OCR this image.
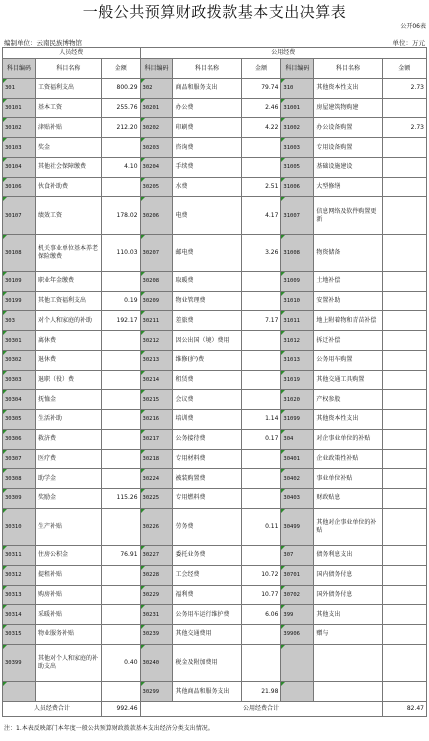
一般公共预算财政拨款基本支出决算表
公开06表
编制单位：云南民族博物馆	单位：万元
人员经费			公用经费					
科目编码	科目名称	金额	科目编码	科目名称	金额	科目编码	科目名称	金额
301	工资福利支出	800.29	302	商品和服务支出	79.74	310	其他资本性支出	2.73
30101	基本工资	255.76	30201	办公费	2.46	31001	房屋建筑物购建	
30102	津贴补贴	212.20	30202	印刷费	4.22	31002	办公设备购置	2.73
30103	奖金		30203	咨询费		31003	专用设备购置	
30104	其他社会保障缴费	4.10	30204	手续费		31005	基础设施建设	
30106	伙食补助费		30205	水费	2.51	31006	大型修缮	
30107	绩效工资	178.02	30206	电费	4.17	31007	信息网络及软件购置更新	
30108	机关事业单位基本养老保险缴费	110.03	30207	邮电费	3.26	31008	物资储备	
30109	职业年金缴费		30208	取暖费		31009	土地补偿	
30199	其他工资福利支出	0.19	30209	物业管理费		31010	安置补助	
303	对个人和家庭的补助	192.17	30211	差旅费	7.17	31011	地上附着物和青苗补偿	
30301	离休费		30212	因公出国（境）费用		31012	拆迁补偿	
30302	退休费		30213	维修(护)费		31013	公务用车购置	
30303	退职（役）费		30214	租赁费		31019	其他交通工具购置	
30304	抚恤金		30215	会议费		31020	产权参股	
30305	生活补助		30216	培训费	1.14	31099	其他资本性支出	
30306	救济费		30217	公务接待费	0.17	304	对企事业单位的补贴	
30307	医疗费		30218	专用材料费		30401	企业政策性补贴	
30308	助学金		30224	被装购置费		30402	事业单位补贴	
30309	奖励金	115.26	30225	专用燃料费		30403	财政贴息	
30310	生产补贴		30226	劳务费	0.11	30499	其他对企事业单位的补贴	
30311	住房公积金	76.91	30227	委托业务费		307	债务利息支出	
30312	提租补贴		30228	工会经费	10.72	30701	国内债务付息	
30313	购房补贴		30229	福利费	10.77	30702	国外债务付息	
30314	采暖补贴		30231	公务用车运行维护费	6.06	399	其他支出	
30315	物业服务补贴		30239	其他交通费用		39906	赠与	
30399	其他对个人和家庭的补助支出	0.40	30240	税金及附加费用				
			30299	其他商品和服务支出	21.98			
人员经费合计		992.46	公用经费合计					82.47
注：1.本表反映部门本年度一般公共预算财政拨款基本支出经济分类支出情况。
